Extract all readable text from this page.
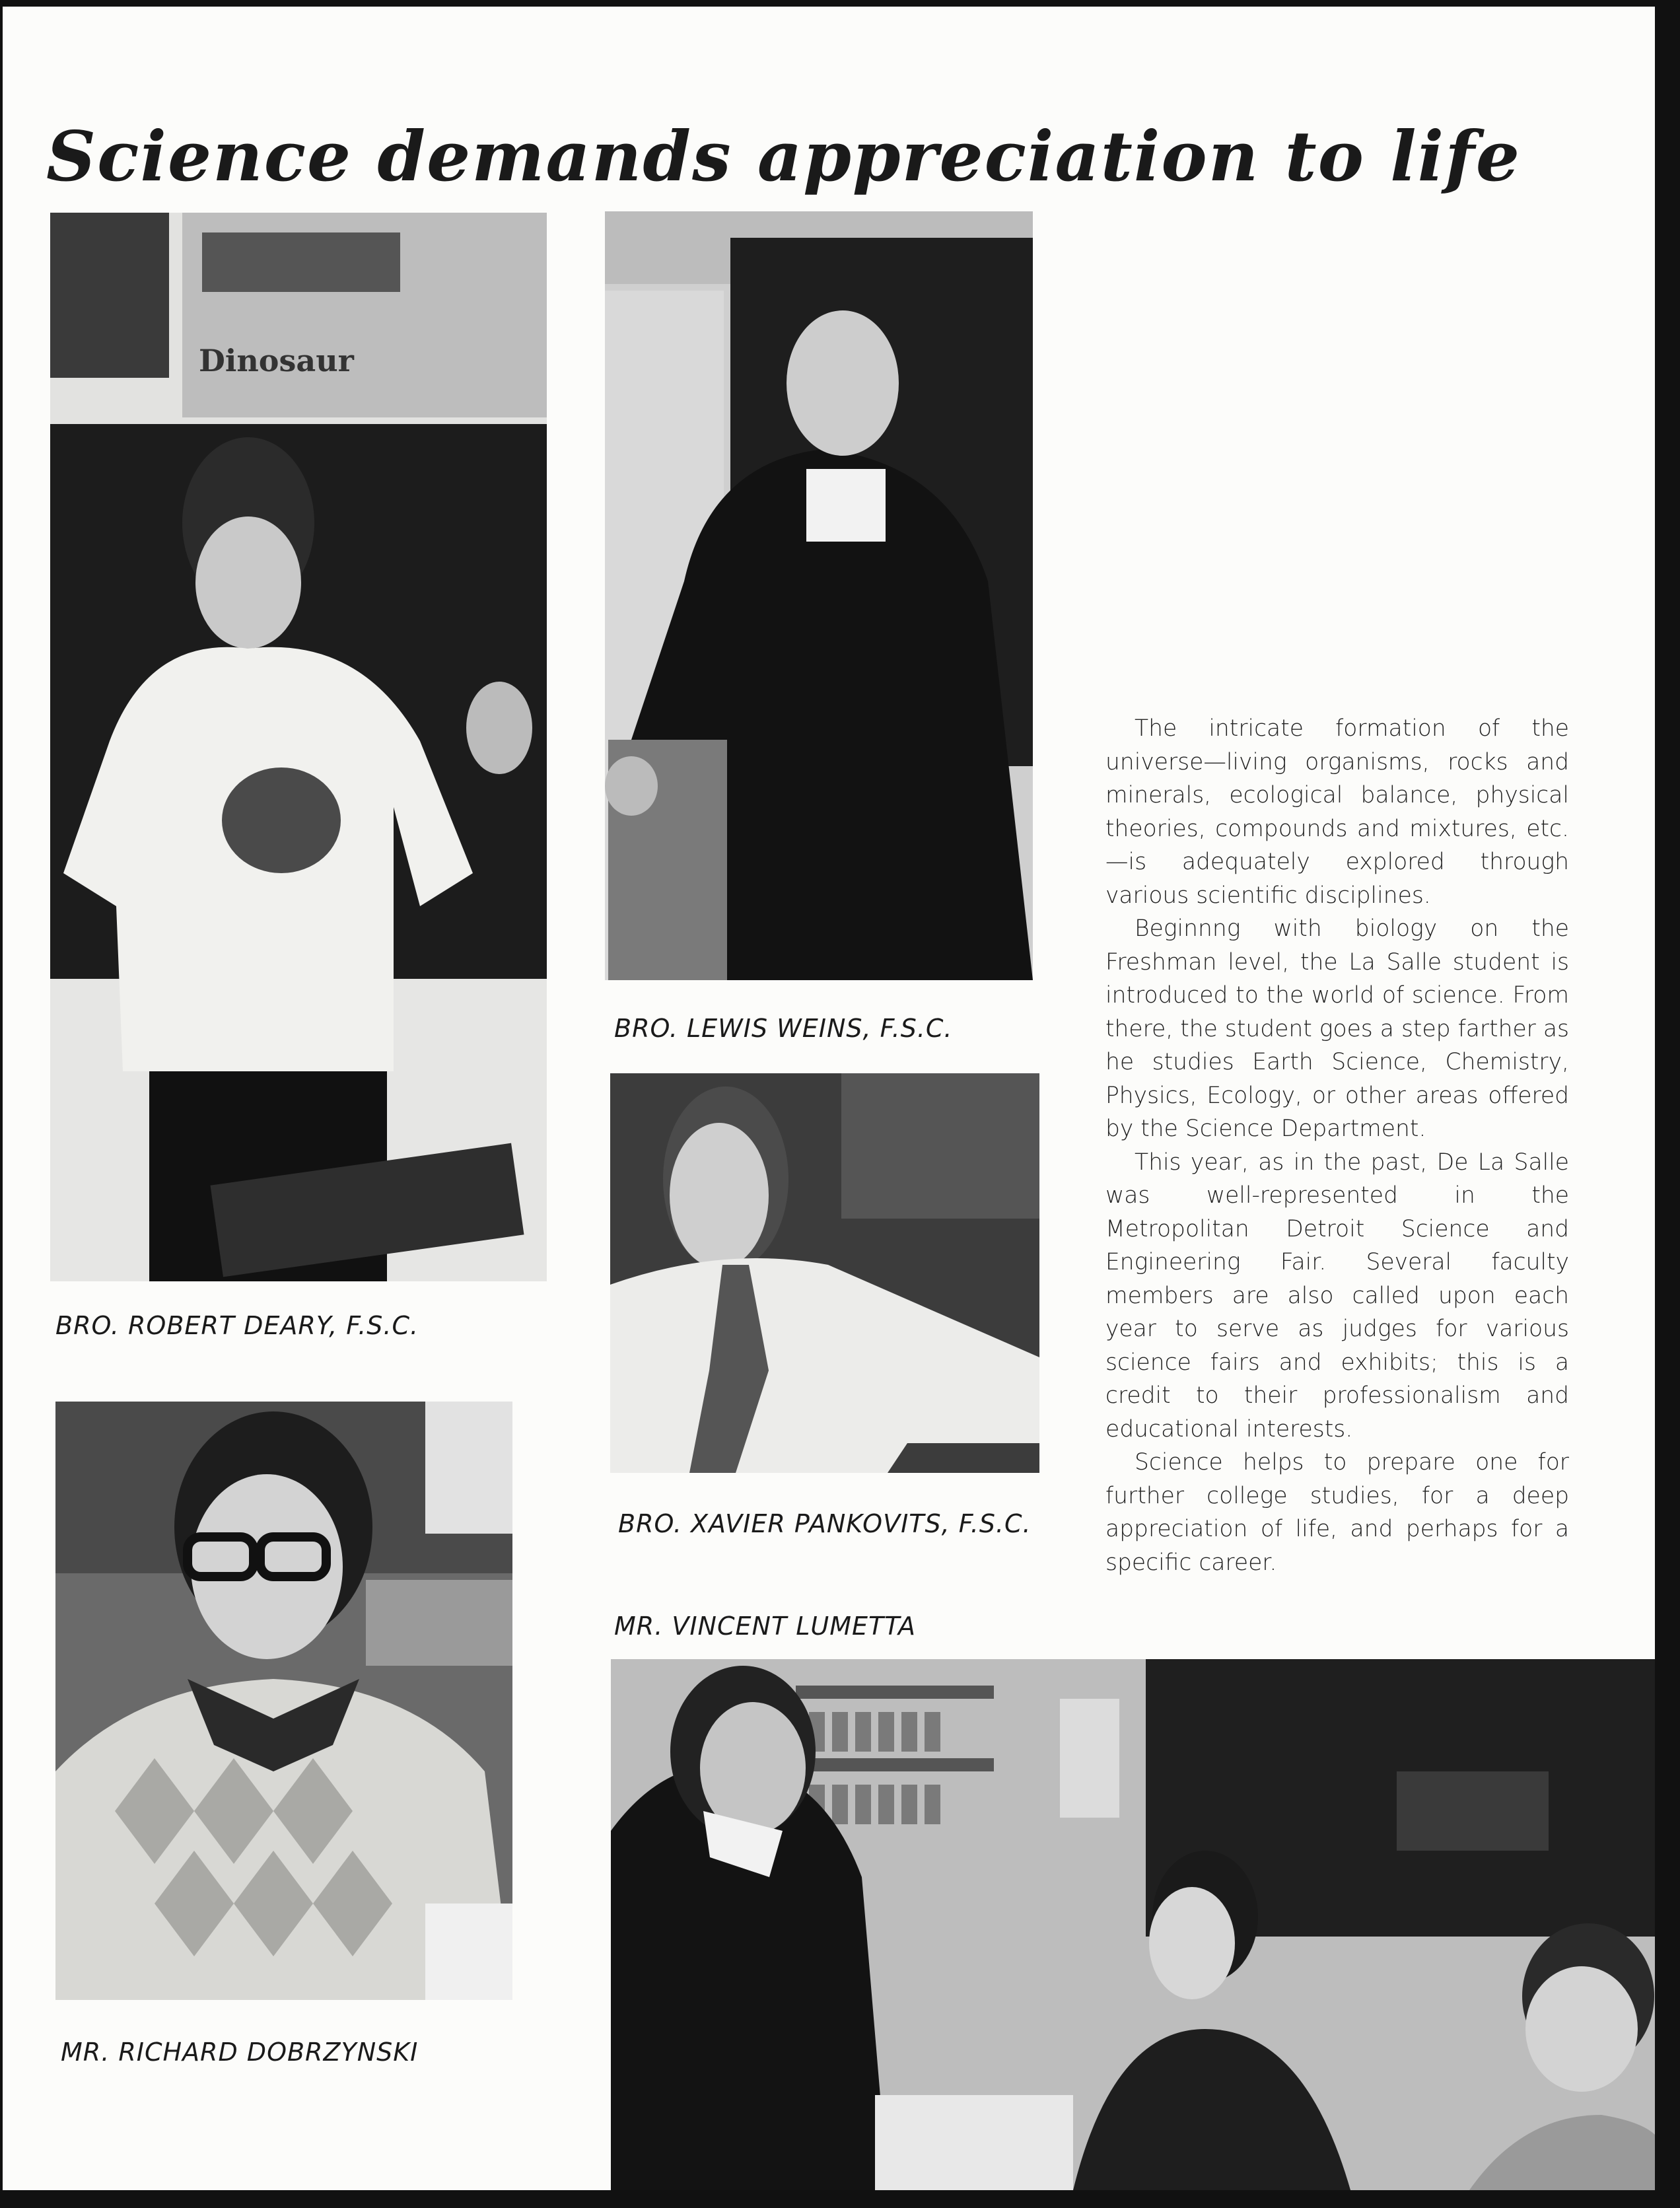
Science demands appreciation to life
Dinosaur
BRO. ROBERT DEARY, F.S.C.
BRO. LEWIS WEINS, F.S.C.
BRO. XAVIER PANKOVITS, F.S.C.
MR. VINCENT LUMETTA
MR. RICHARD DOBRZYNSKI

The intricate formation of the universe—living organisms, rocks and minerals, ecological balance, physical theories, compounds and mixtures, etc.—is adequately explored through various scientific disciplines.

Beginnng with biology on the Freshman level, the La Salle student is introduced to the world of science. From there, the student goes a step farther as he studies Earth Science, Chemistry, Physics, Ecology, or other areas offered by the Science Department.

This year, as in the past, De La Salle was well-represented in the Metropolitan Detroit Science and Engineering Fair. Several faculty members are also called upon each year to serve as judges for various science fairs and exhibits; this is a credit to their professionalism and educational interests.

Science helps to prepare one for further college studies, for a deep appreciation of life, and perhaps for a specific career.
